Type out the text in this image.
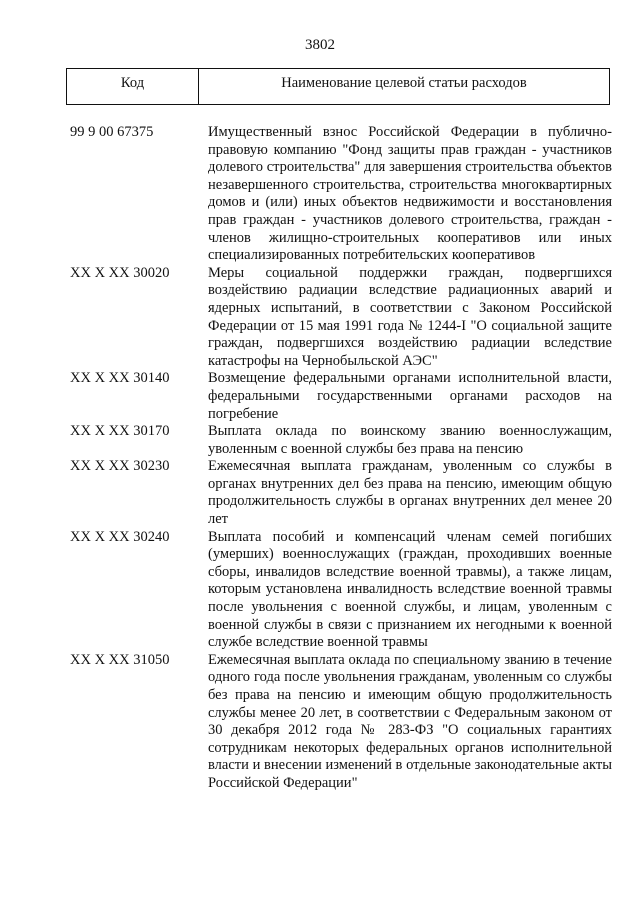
3802
Код	Наименование целевой статьи расходов
99 9 00 67375	Имущественный взнос Российской Федерации в публично-правовую компанию "Фонд защиты прав граждан - участников долевого строительства" для завершения строительства объектов незавершенного строительства, строительства многоквартирных домов и (или) иных объектов недвижимости и восстановления прав граждан - участников долевого строительства, граждан - членов жилищно-строительных кооперативов или иных специализированных потребительских кооперативов
XX X XX 30020	Меры социальной поддержки граждан, подвергшихся воздействию радиации вследствие радиационных аварий и ядерных испытаний, в соответствии с Законом Российской Федерации от 15 мая 1991 года № 1244-I "О социальной защите граждан, подвергшихся воздействию радиации вследствие катастрофы на Чернобыльской АЭС"
XX X XX 30140	Возмещение федеральными органами исполнительной власти, федеральными государственными органами расходов на погребение
XX X XX 30170	Выплата оклада по воинскому званию военнослужащим, уволенным с военной службы без права на пенсию
XX X XX 30230	Ежемесячная выплата гражданам, уволенным со службы в органах внутренних дел без права на пенсию, имеющим общую продолжительность службы в органах внутренних дел менее 20 лет
XX X XX 30240	Выплата пособий и компенсаций членам семей погибших (умерших) военнослужащих (граждан, проходивших военные сборы, инвалидов вследствие военной травмы), а также лицам, которым установлена инвалидность вследствие военной травмы после увольнения с военной службы, и лицам, уволенным с военной службы в связи с признанием их негодными к военной службе вследствие военной травмы
XX X XX 31050	Ежемесячная выплата оклада по специальному званию в течение одного года после увольнения гражданам, уволенным со службы без права на пенсию и имеющим общую продолжительность службы менее 20 лет, в соответствии с Федеральным законом от 30 декабря 2012 года № 283-ФЗ "О социальных гарантиях сотрудникам некоторых федеральных органов исполнительной власти и внесении изменений в отдельные законодательные акты Российской Федерации"
